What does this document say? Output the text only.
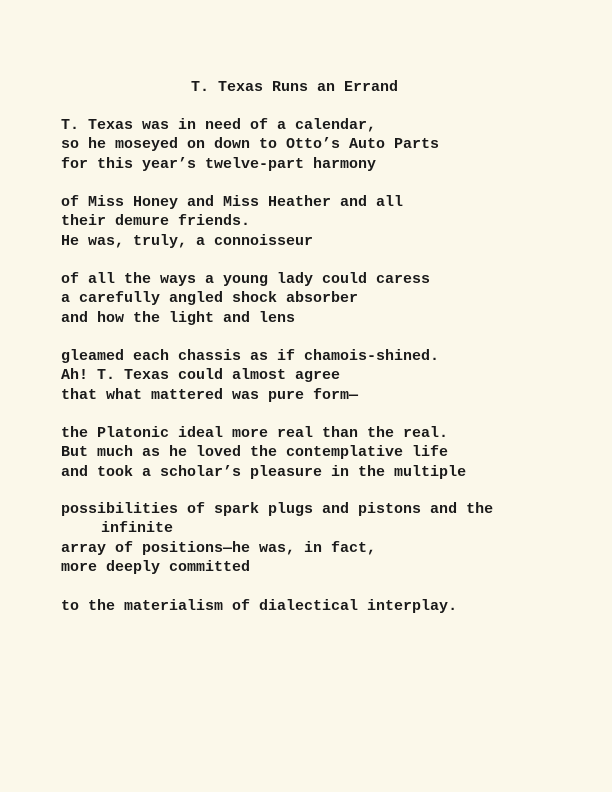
T. Texas Runs an Errand
T. Texas was in need of a calendar,
so he moseyed on down to Otto’s Auto Parts
for this year’s twelve-part harmony
of Miss Honey and Miss Heather and all
their demure friends.
He was, truly, a connoisseur
of all the ways a young lady could caress
a carefully angled shock absorber
and how the light and lens
gleamed each chassis as if chamois-shined.
Ah! T. Texas could almost agree
that what mattered was pure form—
the Platonic ideal more real than the real.
But much as he loved the contemplative life
and took a scholar’s pleasure in the multiple
possibilities of spark plugs and pistons and the
infinite
array of positions—he was, in fact,
more deeply committed
to the materialism of dialectical interplay.
